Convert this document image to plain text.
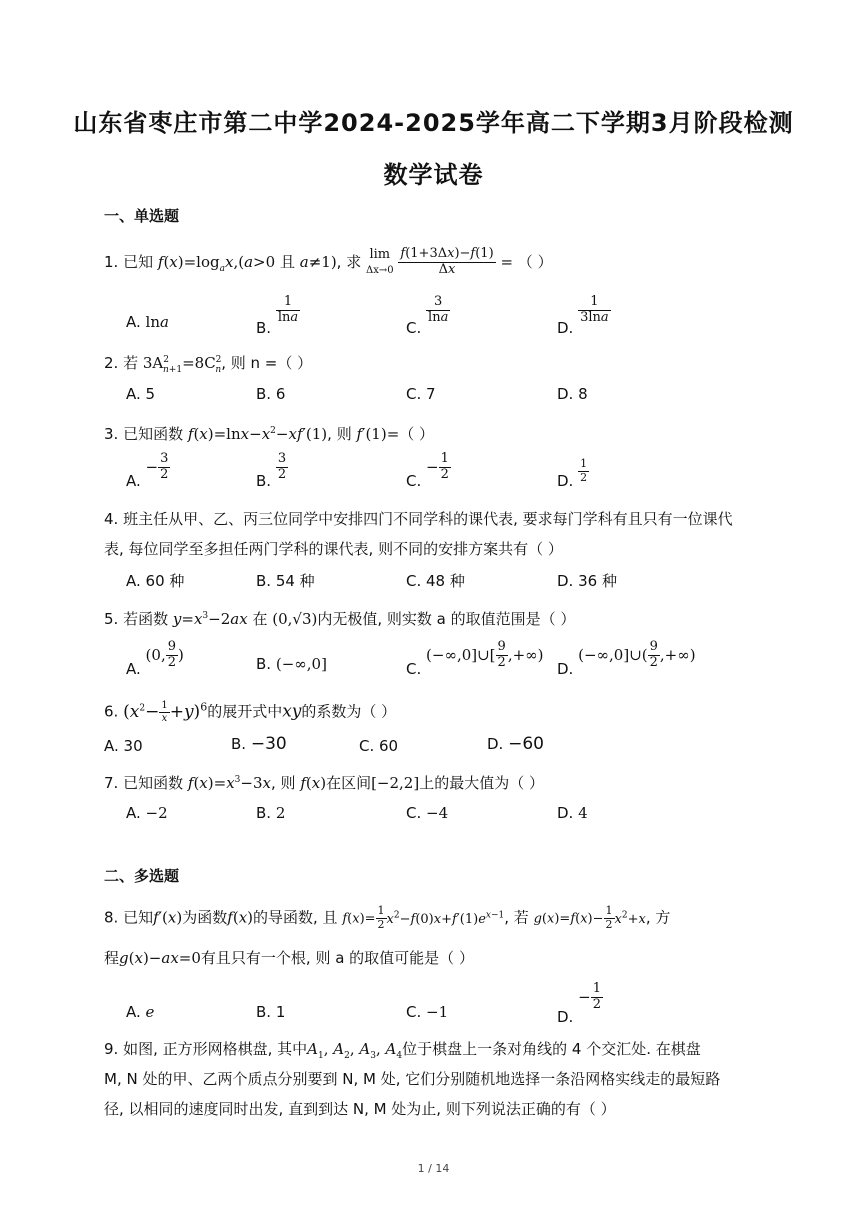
山东省枣庄市第二中学2024-2025学年高二下学期3月阶段检测
数学试卷
一、单选题
1. 已知 $f(x)=\log_ax,(a>0$ 且 a≠1), 求 lim
$\Delta x\to 0 \frac{f(1+3\Delta x)-f(1)}{\Delta x}$ = （ ）
A. lna	B.
$\frac{1}{\ln a}$
C.
$\frac{3}{\ln a}$
D.
$\frac{1}{3\ln a}$
2. 若 $3A^2_{n+1}=8C^2_n$, 则 n =（ ）
A. 5	B. 6	C. 7	D. 8
3. 已知函数 $f(x)=\ln x-x^2-xf'(1)$, 则 f′(1)=（ ）
A. − $\frac{3}{2}$	B. $\frac{3}{2}$	C. − $\frac{1}{2}$	D. $\frac{1}{2}$
4. 班主任从甲、乙、丙三位同学中安排四门不同学科的课代表, 要求每门学科有且只有一位课代
表, 每位同学至多担任两门学科的课代表, 则不同的安排方案共有（ ）
A. 60 种	B. 54 种	C. 48 种	D. 36 种
5. 若函数 $y=x^3-2ax$ 在 (0,√3)内无极值, 则实数 a 的取值范围是（ ）
A. (0, $\frac{9}{2}$ )
B. (−∞,0]	C. (−∞,0]∪[ $\frac{9}{2}$ ,+∞)
D. (−∞,0]∪( $\frac{9}{2}$ ,+∞)
6. $(x^2- \frac{1}{x} +y)^6$的展开式中xy的系数为（ ）
A. 30	B. −30	C. 60	D. −60
7. 已知函数 $f(x)=x^3-3x$, 则 f(x)在区间[−2,2]上的最大值为（ ）
A. −2	B. 2	C. −4	D. 4
二、多选题
8. 已知f′(x)为函数f(x)的导函数, 且 $f(x)= \frac{1}{2} x^2-f(0)x+f'(1)e^{x-1}$, 若 $g(x)=f(x)- \frac{1}{2} x^2+x$, 方
程g(x)−ax=0有且只有一个根, 则 a 的取值可能是（ ）
A. e	B. 1	C. −1	D. − $\frac{1}{2}$
9. 如图, 正方形网格棋盘, 其中$A_1$, $A_2$, $A_3$, $A_4$位于棋盘上一条对角线的 4 个交汇处. 在棋盘
M, N 处的甲、乙两个质点分别要到 N, M 处, 它们分别随机地选择一条沿网格实线走的最短路
径, 以相同的速度同时出发, 直到到达 N, M 处为止, 则下列说法正确的有（ ）
1 / 14
